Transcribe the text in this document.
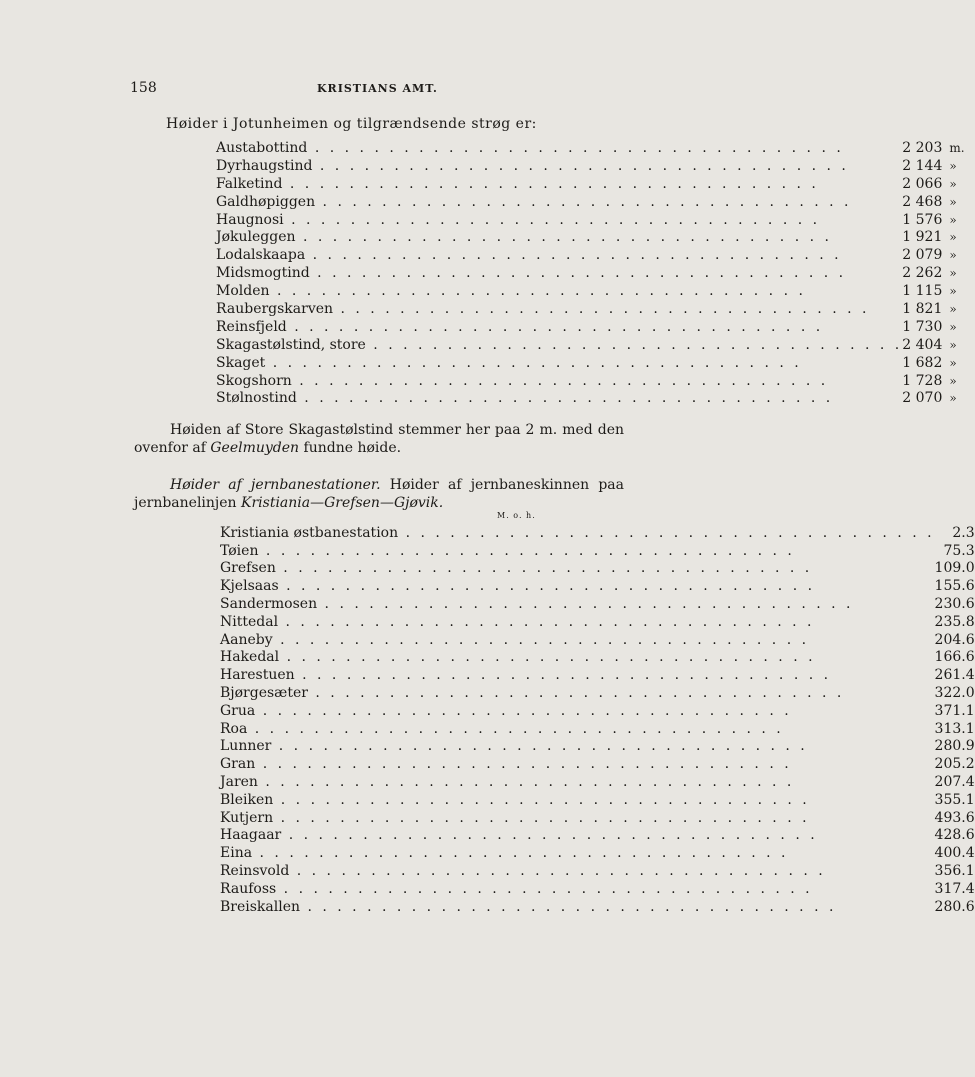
158	KRISTIANS AMT.
Høider i Jotunheimen og tilgrændsende strøg er:
Austabottind . . .	2 203	m.
Dyrhaugstind . . .	2 144	»
Falketind . . .	2 066	»
Galdhøpiggen . . .	2 468	»
Haugnosi . . .	1 576	»
Jøkuleggen . . .	1 921	»
Lodalskaapa . . .	2 079	»
Midsmogtind . . .	2 262	»
Molden . . .	1 115	»
Raubergskarven . . .	1 821	»
Reinsfjeld . . .	1 730	»
Skagastølstind, store . . .	2 404	»
Skaget . . .	1 682	»
Skogshorn . . .	1 728	»
Stølnostind . . .	2 070	»
Høiden af Store Skagastølstind stemmer her paa 2 m. med den ovenfor af Geelmuyden fundne høide.
Høider af jernbanestationer. Høider af jernbaneskinnen paa jernbanelinjen Kristiania—Grefsen—Gjøvik.
M. o. h.
Kristiania østbanestation . . .	2.3
Tøien . . .	75.3
Grefsen . . .	109.0
Kjelsaas . . .	155.6
Sandermosen . . .	230.6
Nittedal . . .	235.8
Aaneby . . .	204.6
Hakedal . . .	166.6
Harestuen . . .	261.4
Bjørgesæter . . .	322.0
Grua . . .	371.1
Roa . . .	313.1
Lunner . . .	280.9
Gran . . .	205.2
Jaren . . .	207.4
Bleiken . . .	355.1
Kutjern . . .	493.6
Haagaar . . .	428.6
Eina . . .	400.4
Reinsvold . . .	356.1
Raufoss . . .	317.4
Breiskallen . . .	280.6
